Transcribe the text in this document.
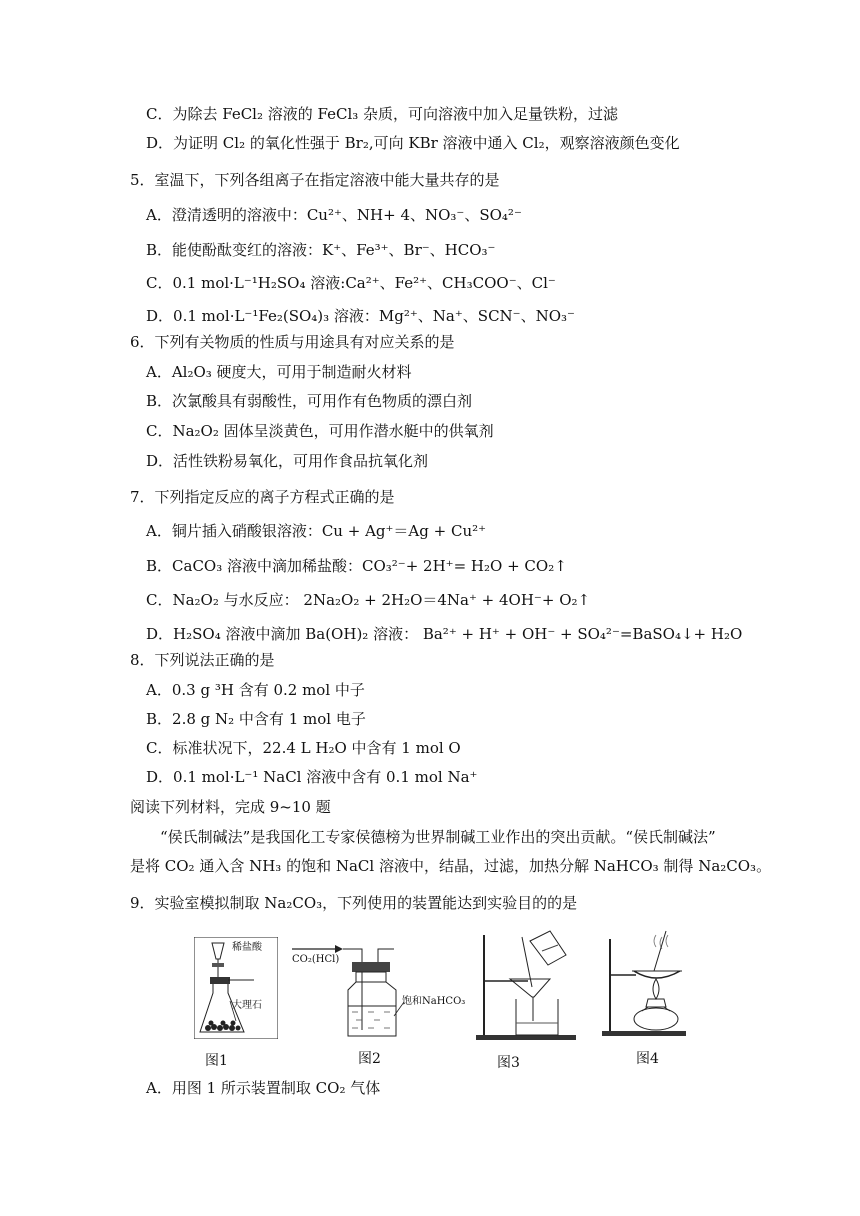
C．为除去 FeCl₂ 溶液的 FeCl₃ 杂质，可向溶液中加入足量铁粉，过滤
D．为证明 Cl₂ 的氧化性强于 Br₂,可向 KBr 溶液中通入 Cl₂，观察溶液颜色变化
5．室温下，下列各组离子在指定溶液中能大量共存的是
A．澄清透明的溶液中：Cu²⁺、NH+ 4、NO₃⁻、SO₄²⁻
B．能使酚酞变红的溶液：K⁺、Fe³⁺、Br⁻、HCO₃⁻
C．0.1 mol·L⁻¹H₂SO₄ 溶液:Ca²⁺、Fe²⁺、CH₃COO⁻、Cl⁻
D．0.1 mol·L⁻¹Fe₂(SO₄)₃ 溶液：Mg²⁺、Na⁺、SCN⁻、NO₃⁻
6．下列有关物质的性质与用途具有对应关系的是
A．Al₂O₃ 硬度大，可用于制造耐火材料
B．次氯酸具有弱酸性，可用作有色物质的漂白剂
C．Na₂O₂ 固体呈淡黄色，可用作潜水艇中的供氧剂
D．活性铁粉易氧化，可用作食品抗氧化剂
7．下列指定反应的离子方程式正确的是
A．铜片插入硝酸银溶液：Cu + Ag⁺＝Ag + Cu²⁺
B．CaCO₃ 溶液中滴加稀盐酸：CO₃²⁻+ 2H⁺= H₂O + CO₂↑
C．Na₂O₂ 与水反应： 2Na₂O₂ + 2H₂O＝4Na⁺ + 4OH⁻+ O₂↑
D．H₂SO₄ 溶液中滴加 Ba(OH)₂ 溶液： Ba²⁺ + H⁺ + OH⁻ + SO₄²⁻=BaSO₄↓+ H₂O
8．下列说法正确的是
A．0.3 g ³H 含有 0.2 mol 中子
B．2.8 g N₂ 中含有 1 mol 电子
C．标准状况下，22.4 L H₂O 中含有 1 mol O
D．0.1 mol·L⁻¹ NaCl 溶液中含有 0.1 mol Na⁺
阅读下列材料，完成 9~10 题
“侯氏制碱法”是我国化工专家侯德榜为世界制碱工业作出的突出贡献。“侯氏制碱法”
是将 CO₂ 通入含 NH₃ 的饱和 NaCl 溶液中，结晶，过滤，加热分解 NaHCO₃ 制得 Na₂CO₃。
9．实验室模拟制取 Na₂CO₃，下列使用的装置能达到实验目的的是
A．用图 1 所示装置制取 CO₂ 气体
稀盐酸
大理石
图1
CO₂(HCl)
饱和NaHCO₃
图2	图3	图4
